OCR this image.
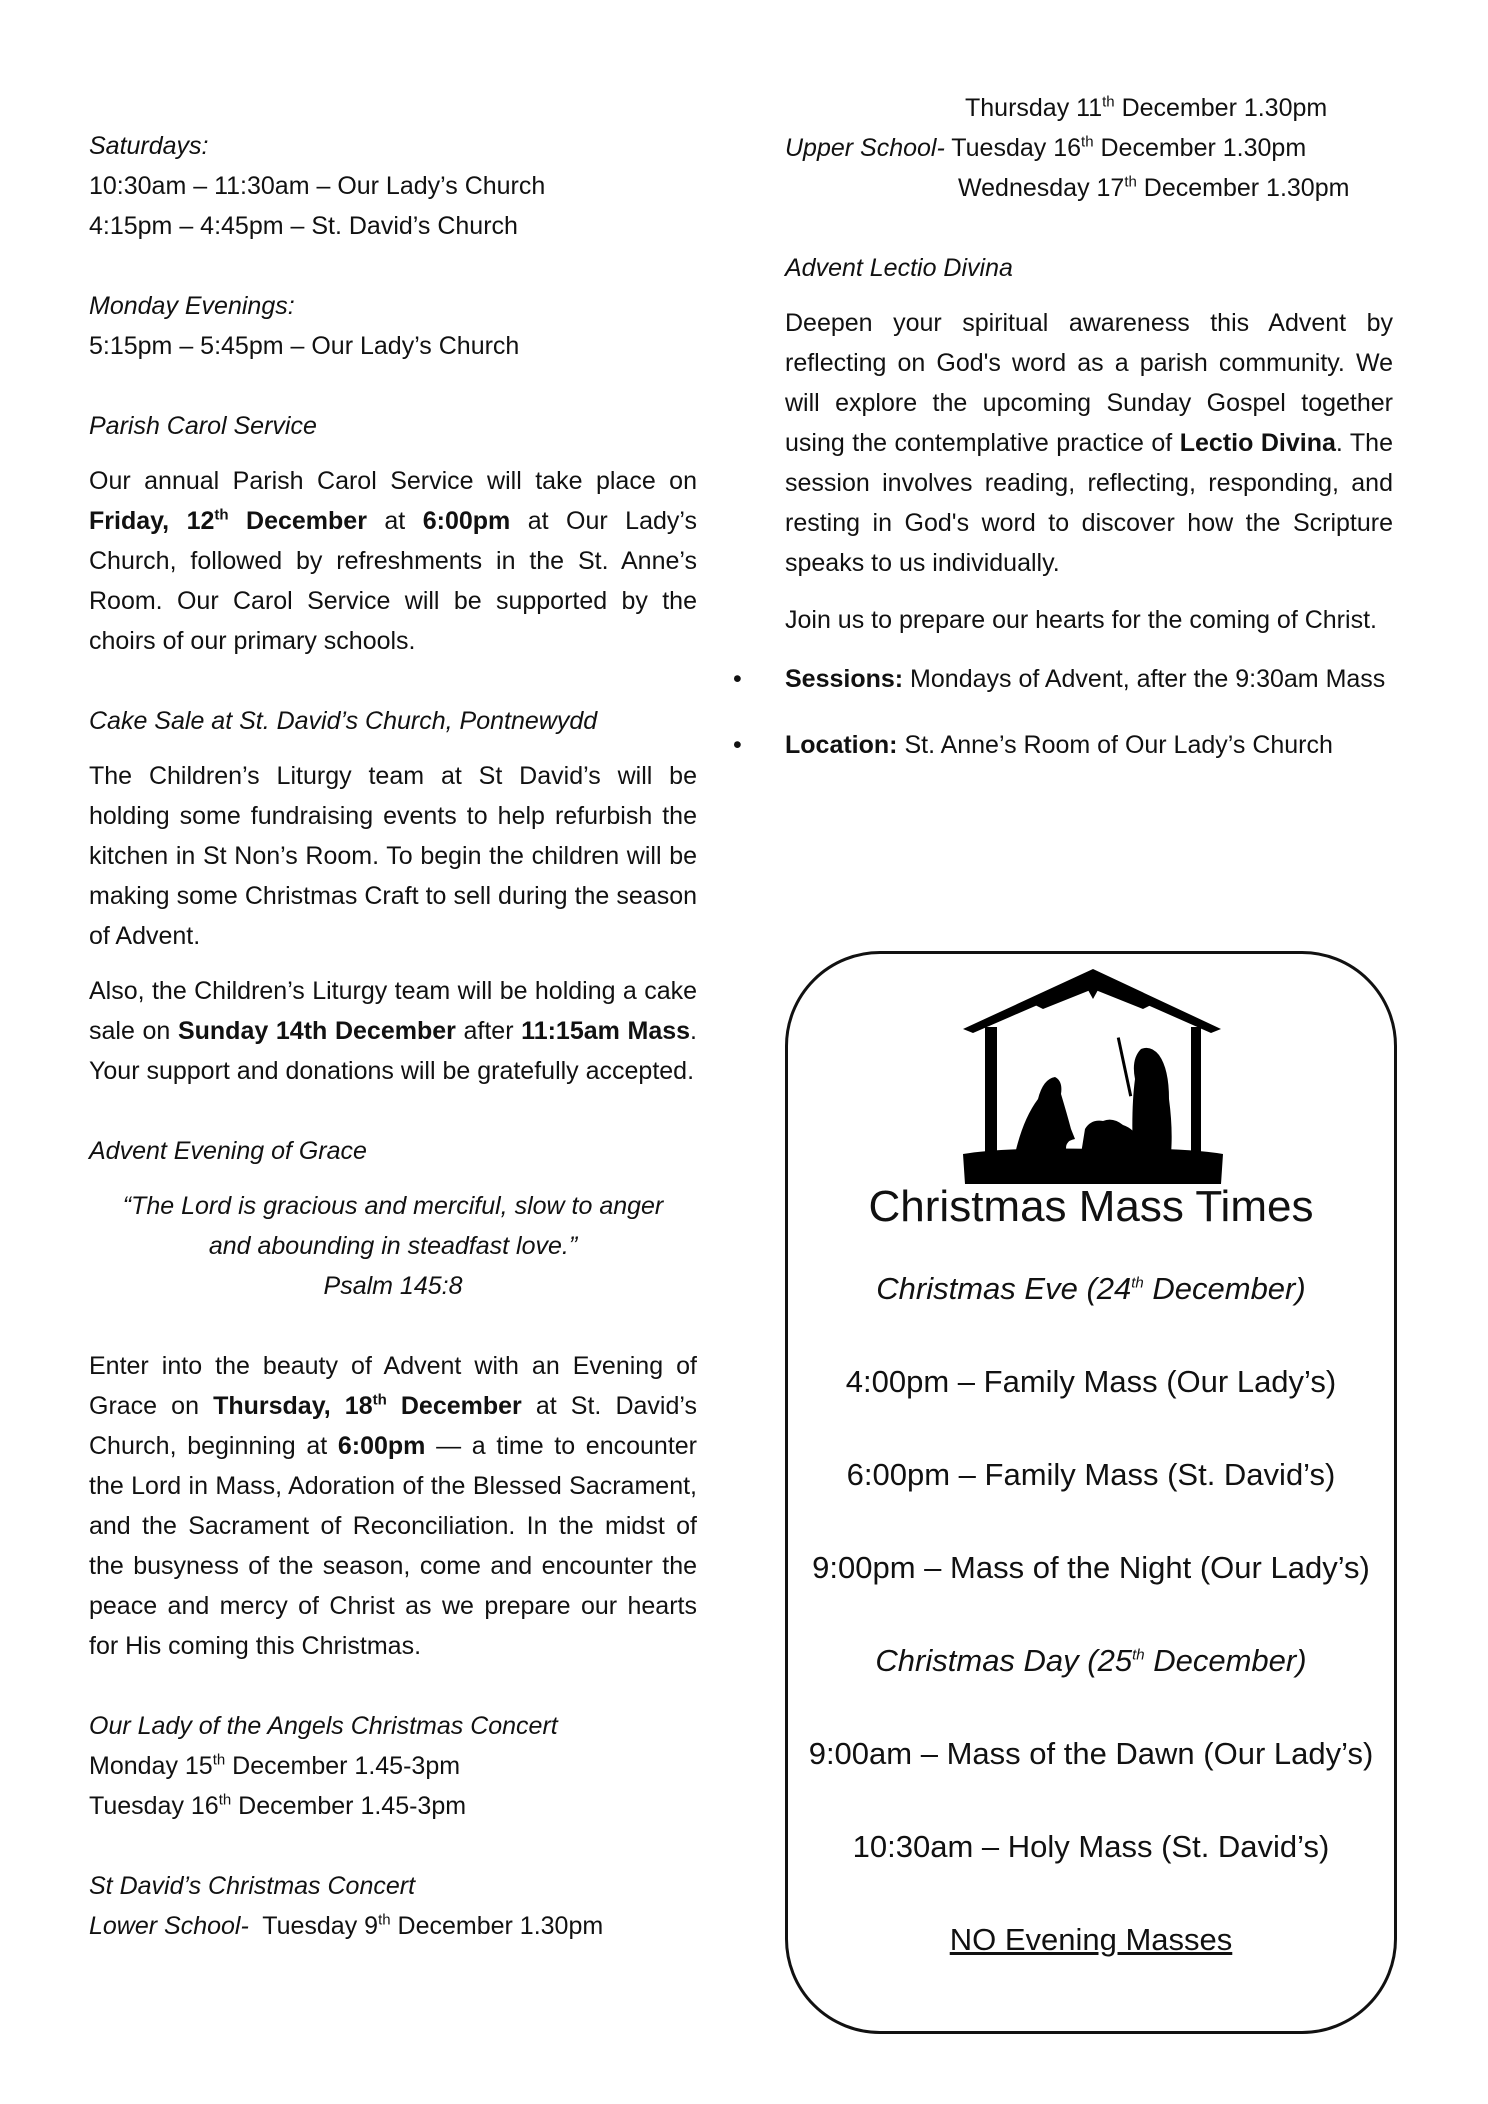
Saturdays:

10:30am – 11:30am – Our Lady’s Church

4:15pm – 4:45pm – St. David’s Church

Monday Evenings:

5:15pm – 5:45pm – Our Lady’s Church

Parish Carol Service

Our annual Parish Carol Service will take place on Friday, 12th December at 6:00pm at Our Lady’s Church, followed by refreshments in the St. Anne’s Room. Our Carol Service will be supported by the choirs of our primary schools.

Cake Sale at St. David’s Church, Pontnewydd

The Children’s Liturgy team at St David’s will be holding some fundraising events to help refurbish the kitchen in St Non’s Room. To begin the children will be making some Christmas Craft to sell during the season of Advent.

Also, the Children’s Liturgy team will be holding a cake sale on Sunday 14th December after 11:15am Mass. Your support and donations will be gratefully accepted.

Advent Evening of Grace

“The Lord is gracious and merciful, slow to anger

and abounding in steadfast love.”

Psalm 145:8

Enter into the beauty of Advent with an Evening of Grace on Thursday, 18th December at St. David’s Church, beginning at 6:00pm — a time to encounter the Lord in Mass, Adoration of the Blessed Sacrament, and the Sacrament of Reconciliation. In the midst of the busyness of the season, come and encounter the peace and mercy of Christ as we prepare our hearts for His coming this Christmas.

Our Lady of the Angels Christmas Concert

Monday 15th December 1.45-3pm

Tuesday 16th December 1.45-3pm

St David’s Christmas Concert

Lower School-  Tuesday 9th December 1.30pm

Thursday 11th December 1.30pm

Upper School- Tuesday 16th December 1.30pm

Wednesday 17th December 1.30pm

Advent Lectio Divina

Deepen your spiritual awareness this Advent by reflecting on God's word as a parish community. We will explore the upcoming Sunday Gospel together using the contemplative practice of Lectio Divina. The session involves reading, reflecting, responding, and resting in God's word to discover how the Scripture speaks to us individually.

Join us to prepare our hearts for the coming of Christ.

• Sessions: Mondays of Advent, after the 9:30am Mass
• Location: St. Anne’s Room of Our Lady’s Church
Christmas Mass Times
Christmas Eve (24th December)
4:00pm – Family Mass (Our Lady’s)
6:00pm – Family Mass (St. David’s)
9:00pm – Mass of the Night (Our Lady’s)
Christmas Day (25th December)
9:00am – Mass of the Dawn (Our Lady’s)
10:30am – Holy Mass (St. David’s)
NO Evening Masses
